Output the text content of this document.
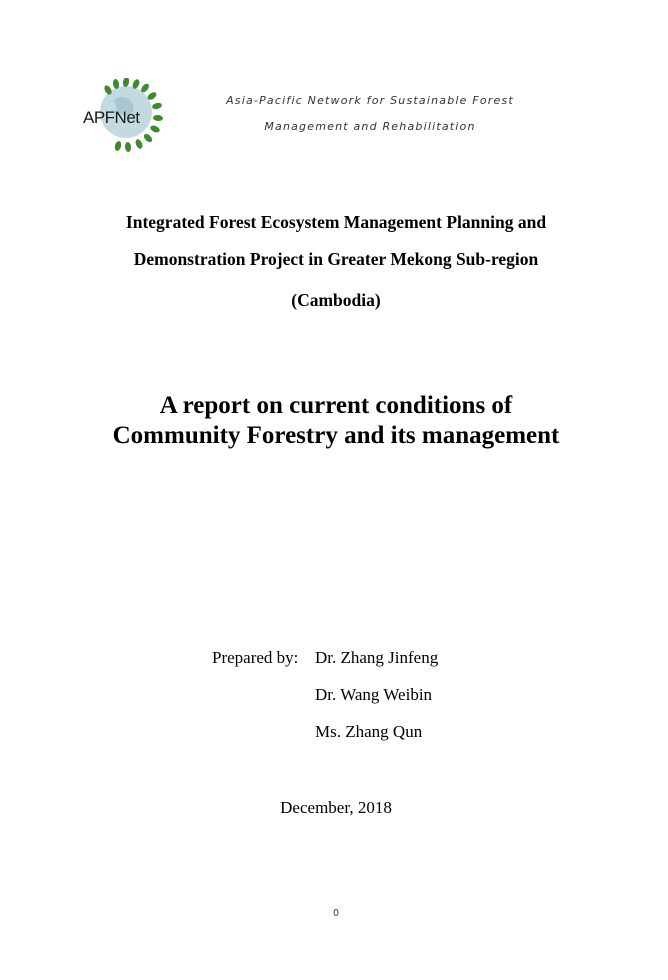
APFNet
Asia-Pacific Network for Sustainable Forest
Management and Rehabilitation
Integrated Forest Ecosystem Management Planning and
Demonstration Project in Greater Mekong Sub-region
(Cambodia)
A report on current conditions of
Community Forestry and its management
Prepared by: Dr. Zhang Jinfeng
Dr. Wang Weibin
Ms. Zhang Qun
December, 2018
0
